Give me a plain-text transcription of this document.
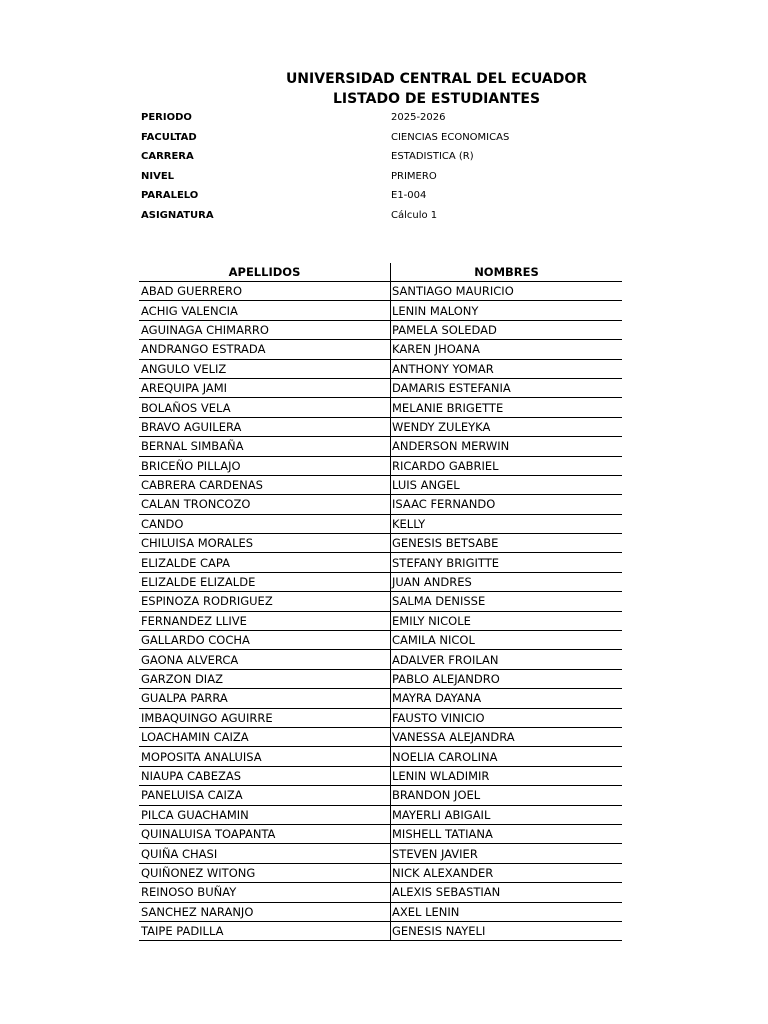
UNIVERSIDAD CENTRAL DEL ECUADOR

LISTADO DE ESTUDIANTES

PERIODO	2025-2026
FACULTAD	CIENCIAS ECONOMICAS
CARRERA	ESTADISTICA (R)
NIVEL	PRIMERO
PARALELO	E1-004
ASIGNATURA	Cálculo 1
APELLIDOS	NOMBRES
ABAD GUERRERO	SANTIAGO MAURICIO
ACHIG VALENCIA	LENIN MALONY
AGUINAGA CHIMARRO	PAMELA SOLEDAD
ANDRANGO ESTRADA	KAREN JHOANA
ANGULO VELIZ	ANTHONY YOMAR
AREQUIPA JAMI	DAMARIS ESTEFANIA
BOLAÑOS VELA	MELANIE BRIGETTE
BRAVO AGUILERA	WENDY ZULEYKA
BERNAL SIMBAÑA	ANDERSON MERWIN
BRICEÑO PILLAJO	RICARDO GABRIEL
CABRERA CARDENAS	LUIS ANGEL
CALAN TRONCOZO	ISAAC FERNANDO
CANDO	KELLY
CHILUISA MORALES	GENESIS BETSABE
ELIZALDE CAPA	STEFANY BRIGITTE
ELIZALDE ELIZALDE	JUAN ANDRES
ESPINOZA RODRIGUEZ	SALMA DENISSE
FERNANDEZ LLIVE	EMILY NICOLE
GALLARDO COCHA	CAMILA NICOL
GAONA ALVERCA	ADALVER FROILAN
GARZON DIAZ	PABLO ALEJANDRO
GUALPA PARRA	MAYRA DAYANA
IMBAQUINGO AGUIRRE	FAUSTO VINICIO
LOACHAMIN CAIZA	VANESSA ALEJANDRA
MOPOSITA ANALUISA	NOELIA CAROLINA
NIAUPA CABEZAS	LENIN WLADIMIR
PANELUISA CAIZA	BRANDON JOEL
PILCA GUACHAMIN	MAYERLI ABIGAIL
QUINALUISA TOAPANTA	MISHELL TATIANA
QUIÑA CHASI	STEVEN JAVIER
QUIÑONEZ WITONG	NICK ALEXANDER
REINOSO BUÑAY	ALEXIS SEBASTIAN
SANCHEZ NARANJO	AXEL LENIN
TAIPE PADILLA	GENESIS NAYELI
